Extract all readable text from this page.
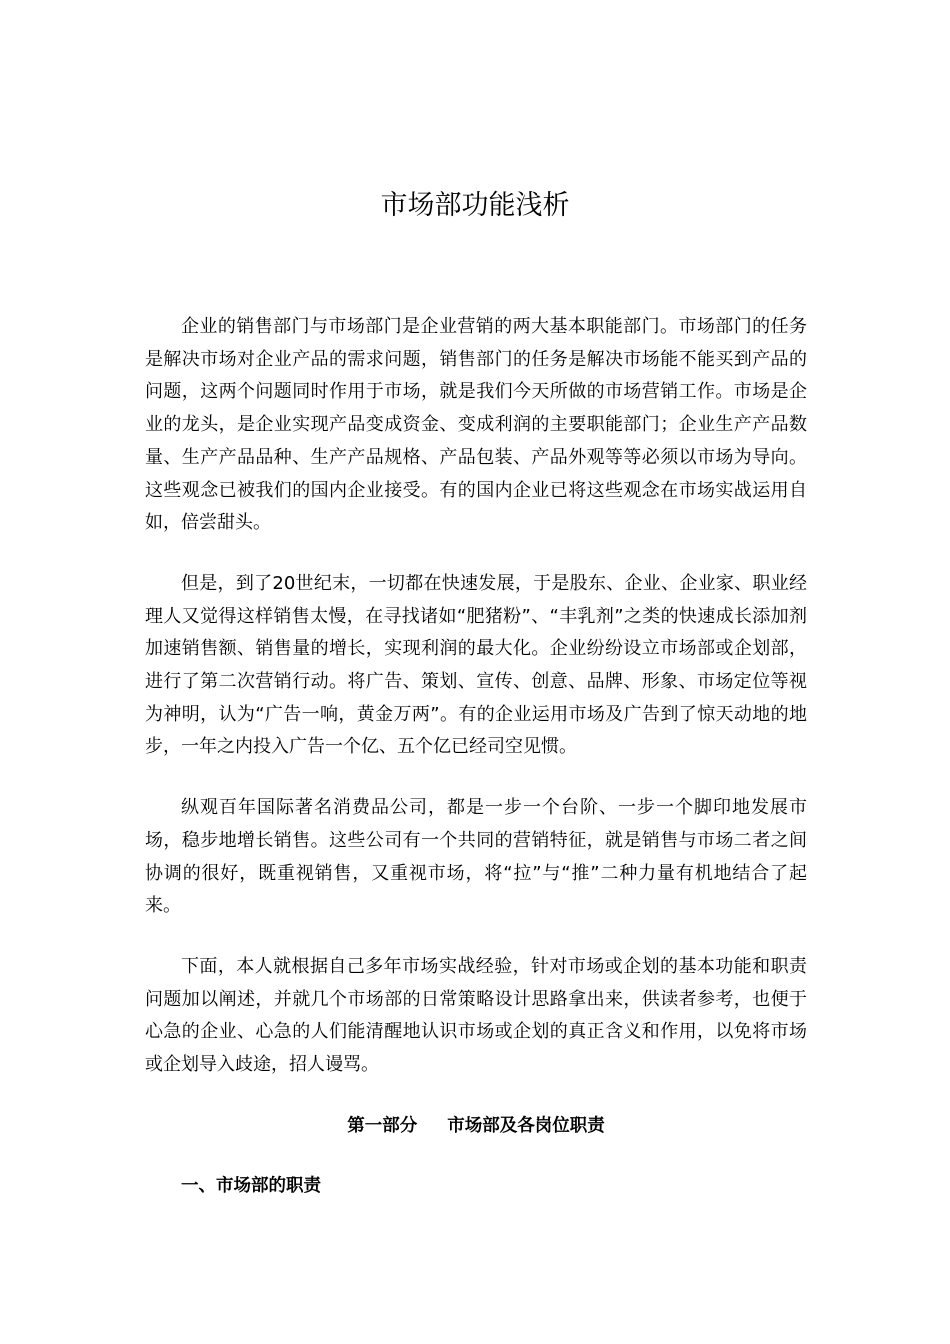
市场部功能浅析

企业的销售部门与市场部门是企业营销的两大基本职能部门。市场部门的任务是解决市场对企业产品的需求问题，销售部门的任务是解决市场能不能买到产品的问题，这两个问题同时作用于市场，就是我们今天所做的市场营销工作。市场是企业的龙头，是企业实现产品变成资金、变成利润的主要职能部门；企业生产产品数量、生产产品品种、生产产品规格、产品包装、产品外观等等必须以市场为导向。这些观念已被我们的国内企业接受。有的国内企业已将这些观念在市场实战运用自如，倍尝甜头。

但是，到了20世纪末，一切都在快速发展，于是股东、企业、企业家、职业经理人又觉得这样销售太慢，在寻找诸如“肥猪粉”、“丰乳剂”之类的快速成长添加剂加速销售额、销售量的增长，实现利润的最大化。企业纷纷设立市场部或企划部，进行了第二次营销行动。将广告、策划、宣传、创意、品牌、形象、市场定位等视为神明，认为“广告一响，黄金万两”。有的企业运用市场及广告到了惊天动地的地步，一年之内投入广告一个亿、五个亿已经司空见惯。

纵观百年国际著名消费品公司，都是一步一个台阶、一步一个脚印地发展市场，稳步地增长销售。这些公司有一个共同的营销特征，就是销售与市场二者之间协调的很好，既重视销售，又重视市场，将“拉”与“推”二种力量有机地结合了起来。

下面，本人就根据自己多年市场实战经验，针对市场或企划的基本功能和职责问题加以阐述，并就几个市场部的日常策略设计思路拿出来，供读者参考，也便于心急的企业、心急的人们能清醒地认识市场或企划的真正含义和作用，以免将市场或企划导入歧途，招人谩骂。

第一部分 市场部及各岗位职责
一、市场部的职责
